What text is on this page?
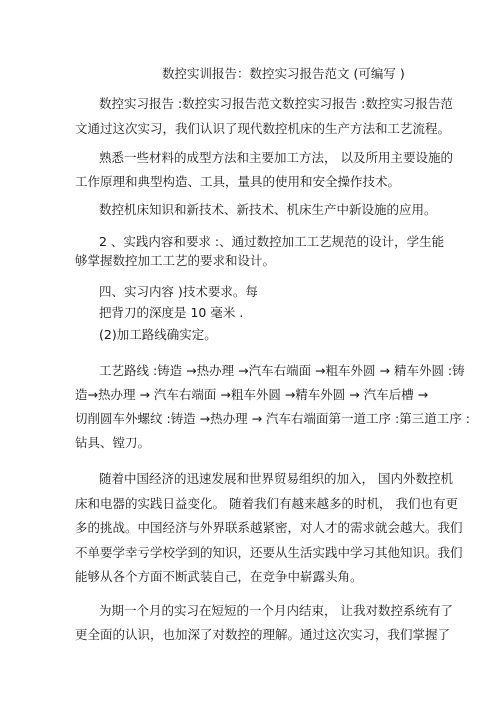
数控实训报告：数控实习报告范文 (可编写 )
数控实习报告 :数控实习报告范文数控实习报告 :数控实习报告范
文通过这次实习，我们认识了现代数控机床的生产方法和工艺流程。
熟悉一些材料的成型方法和主要加工方法， 以及所用主要设施的
工作原理和典型构造、工具，量具的使用和安全操作技术。
数控机床知识和新技术、新技术、机床生产中新设施的应用。
2 、实践内容和要求 :、通过数控加工工艺规范的设计，学生能
够掌握数控加工工艺的要求和设计。
四、实习内容 )技术要求。每
把背刀的深度是 10 毫米 .
(2)加工路线确实定。
工艺路线 :铸造 →热办理 →汽车右端面 →粗车外圆 → 精车外圆 :铸
造→热办理 → 汽车右端面 →粗车外圆 →精车外圆 → 汽车后槽 →
切削圆车外螺纹 :铸造 →热办理 → 汽车右端面第一道工序 :第三道工序 :
钻具、镗刀。
随着中国经济的迅速发展和世界贸易组织的加入， 国内外数控机
床和电器的实践日益变化。 随着我们有越来越多的时机， 我们也有更
多的挑战。中国经济与外界联系越紧密，对人才的需求就会越大。我们
不单要学幸亏学校学到的知识，还要从生活实践中学习其他知识。我们
能够从各个方面不断武装自己，在竞争中崭露头角。
为期一个月的实习在短短的一个月内结束， 让我对数控系统有了
更全面的认识，也加深了对数控的理解。通过这次实习，我们掌握了
